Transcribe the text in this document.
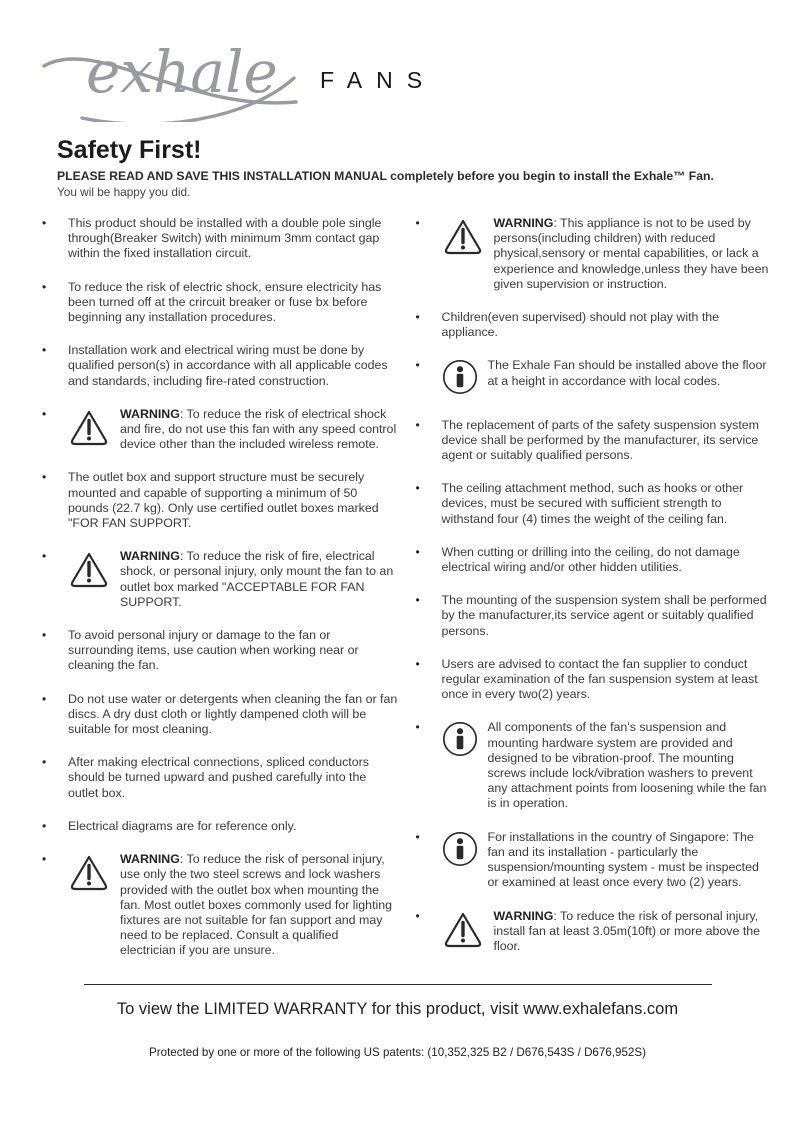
exhale FANS
Safety First!

PLEASE READ AND SAVE THIS INSTALLATION MANUAL completely before you begin to install the Exhale™ Fan.

You wil be happy you did.

•	This product should be installed with a double pole single through(Breaker Switch) with minimum 3mm contact gap within the fixed installation circuit.
•	To reduce the risk of electric shock, ensure electricity has been turned off at the crircuit breaker or fuse bx before beginning any installation procedures.
•	Installation work and electrical wiring must be done by qualified person(s) in accordance with all applicable codes and standards, including fire-rated construction.
•	WARNING: To reduce the risk of electrical shock and fire, do not use this fan with any speed control device other than the included wireless remote.
•	The outlet box and support structure must be securely mounted and capable of supporting a minimum of 50 pounds (22.7 kg). Only use certified outlet boxes marked "FOR FAN SUPPORT.
•	WARNING: To reduce the risk of fire, electrical shock, or personal injury, only mount the fan to an outlet box marked "ACCEPTABLE FOR FAN SUPPORT.
•	To avoid personal injury or damage to the fan or surrounding items, use caution when working near or cleaning the fan.
•	Do not use water or detergents when cleaning the fan or fan discs. A dry dust cloth or lightly dampened cloth will be suitable for most cleaning.
•	After making electrical connections, spliced conductors should be turned upward and pushed carefully into the outlet box.
•	Electrical diagrams are for reference only.
•	WARNING: To reduce the risk of personal injury, use only the two steel screws and lock washers provided with the outlet box when mounting the fan. Most outlet boxes commonly used for lighting fixtures are not suitable for fan support and may need to be replaced. Consult a qualified electrician if you are unsure.
•	WARNING: This appliance is not to be used by persons(including children) with reduced physical,sensory or mental capabilities, or lack a experience and knowledge,unless they have been given supervision or instruction.
•	Children(even supervised) should not play with the appliance.
•	The Exhale Fan should be installed above the floor at a height in accordance with local codes.
•	The replacement of parts of the safety suspension system device shall be performed by the manufacturer, its service agent or suitably qualified persons.
•	The ceiling attachment method, such as hooks or other devices, must be secured with sufficient strength to withstand four (4) times the weight of the ceiling fan.
•	When cutting or drilling into the ceiling, do not damage electrical wiring and/or other hidden utilities.
•	The mounting of the suspension system shall be performed by the manufacturer,its service agent or suitably qualified persons.
•	Users are advised to contact the fan supplier to conduct regular examination of the fan suspension system at least once in every two(2) years.
•	All components of the fan's suspension and mounting hardware system are provided and designed to be vibration-proof. The mounting screws include lock/vibration washers to prevent any attachment points from loosening while the fan is in operation.
•	For installations in the country of Singapore: The fan and its installation - particularly the suspension/mounting system - must be inspected or examined at least once every two (2) years.
•	WARNING: To reduce the risk of personal injury, install fan at least 3.05m(10ft) or more above the floor.

To view the LIMITED WARRANTY for this product, visit www.exhalefans.com

Protected by one or more of the following US patents: (10,352,325 B2 / D676,543S / D676,952S)
